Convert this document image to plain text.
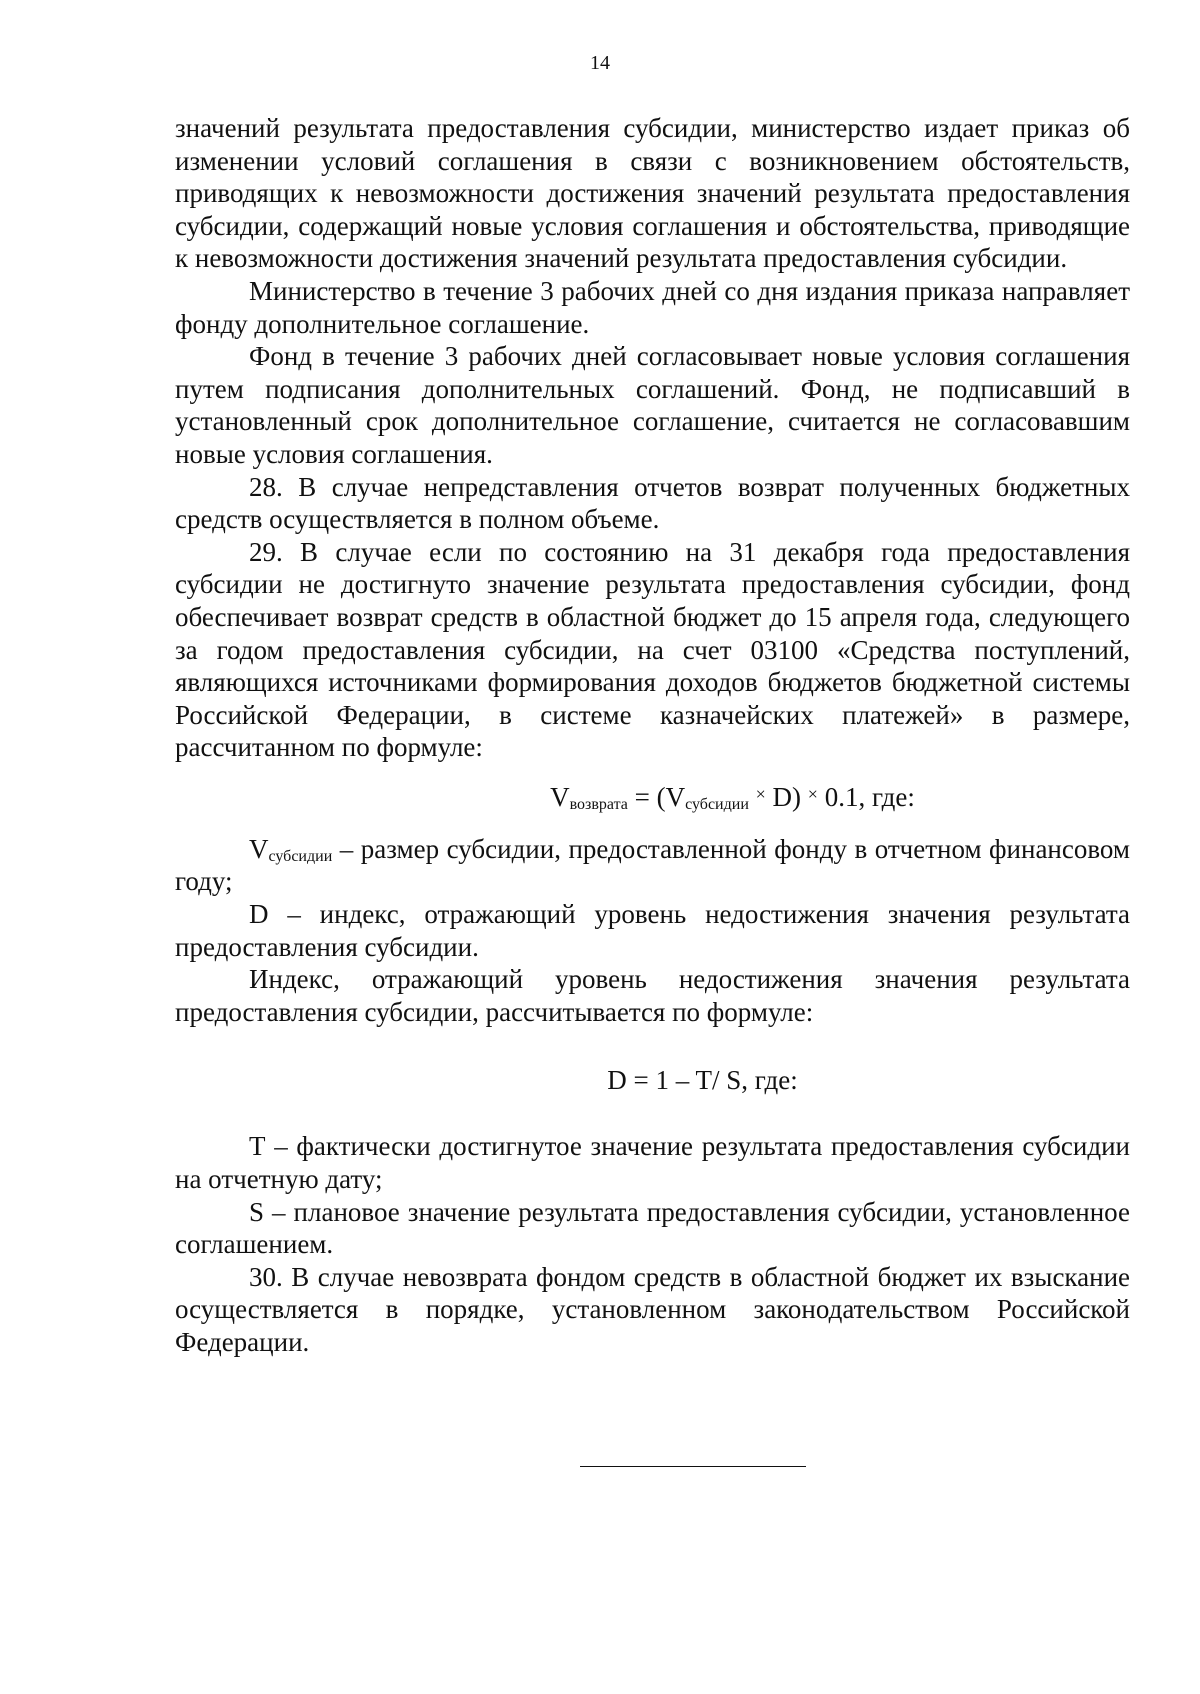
14

значений результата предоставления субсидии, министерство издает приказ об изменении условий соглашения в связи с возникновением обстоятельств, приводящих к невозможности достижения значений результата предоставления субсидии, содержащий новые условия соглашения и обстоятельства, приводящие к невозможности достижения значений результата предоставления субсидии.

Министерство в течение 3 рабочих дней со дня издания приказа направляет фонду дополнительное соглашение.

Фонд в течение 3 рабочих дней согласовывает новые условия соглашения путем подписания дополнительных соглашений. Фонд, не подписавший в установленный срок дополнительное соглашение, считается не согласовавшим новые условия соглашения.

28. В случае непредставления отчетов возврат полученных бюджетных средств осуществляется в полном объеме.

29. В случае если по состоянию на 31 декабря года предоставления субсидии не достигнуто значение результата предоставления субсидии, фонд обеспечивает возврат средств в областной бюджет до 15 апреля года, следующего за годом предоставления субсидии, на счет 03100 «Средства поступлений, являющихся источниками формирования доходов бюджетов бюджетной системы Российской Федерации, в системе казначейских платежей» в размере, рассчитанном по формуле:

$V_{возврата} = (V_{субсидии}$ × D) × 0.1, где:

$V_{субсидии}$ – размер субсидии, предоставленной фонду в отчетном финансовом году;

D – индекс, отражающий уровень недостижения значения результата предоставления субсидии.

Индекс, отражающий уровень недостижения значения результата предоставления субсидии, рассчитывается по формуле:

D = 1 – T/ S, где:

Т – фактически достигнутое значение результата предоставления субсидии на отчетную дату;

S – плановое значение результата предоставления субсидии, установленное соглашением.

30. В случае невозврата фондом средств в областной бюджет их взыскание осуществляется в порядке, установленном законодательством Российской Федерации.
